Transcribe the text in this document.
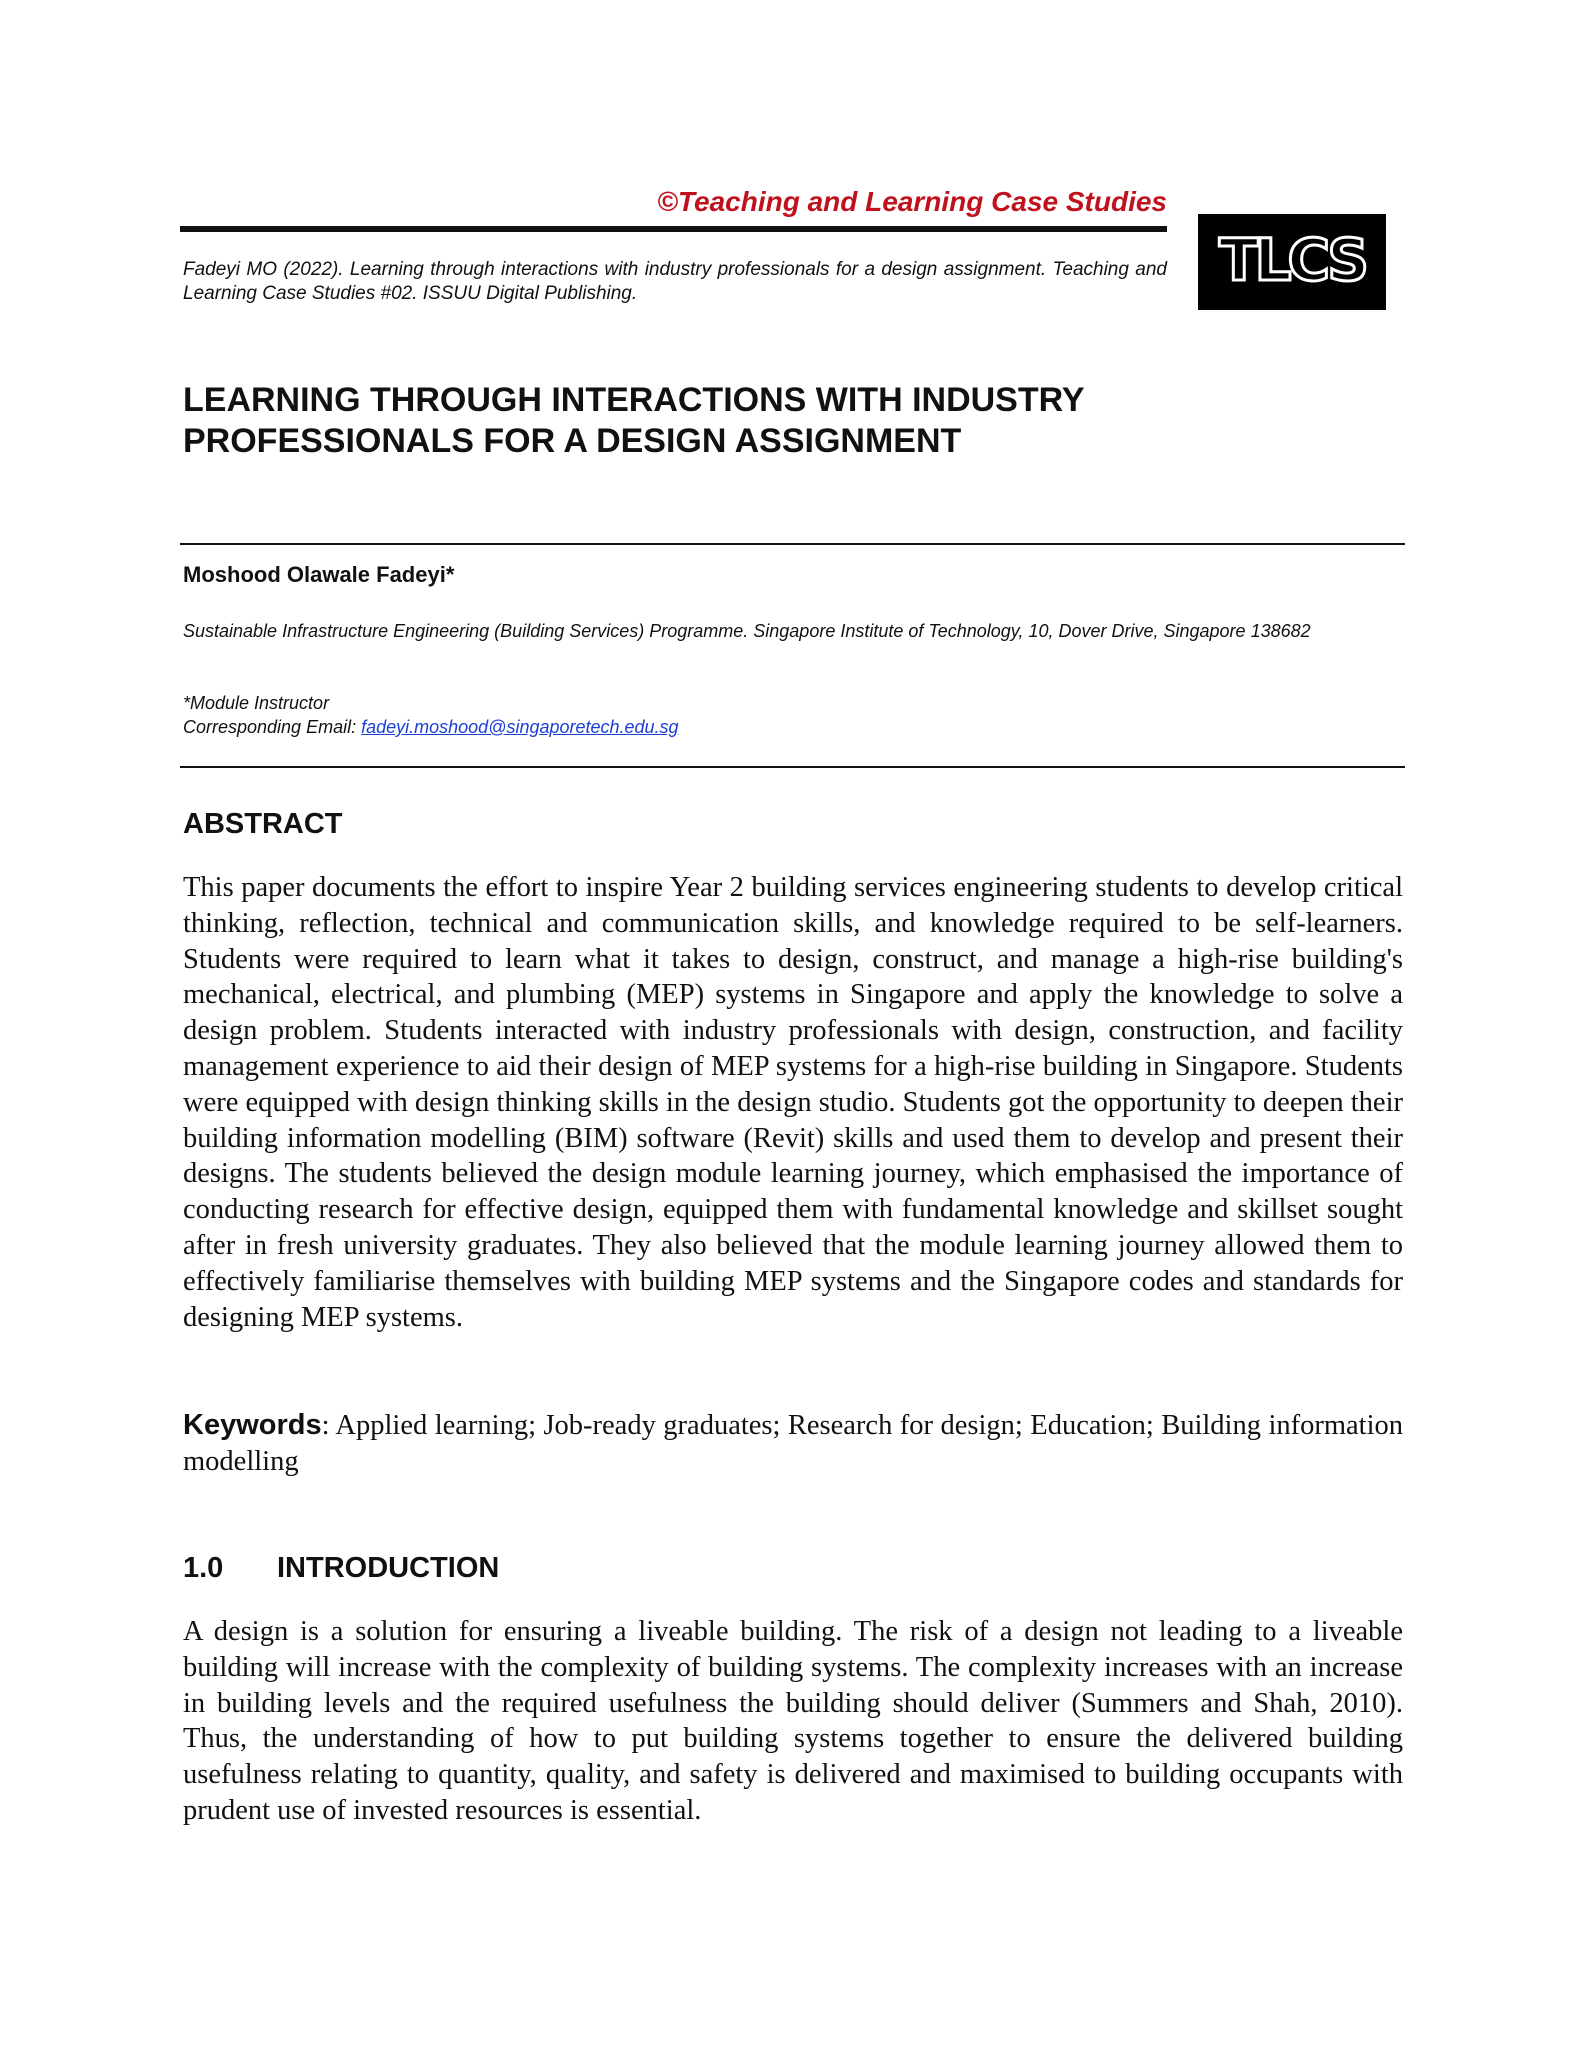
©Teaching and Learning Case Studies

Fadeyi MO (2022). Learning through interactions with industry professionals for a design assignment. Teaching and Learning Case Studies #02. ISSUU Digital Publishing.	TLCS
LEARNING THROUGH INTERACTIONS WITH INDUSTRY
PROFESSIONALS FOR A DESIGN ASSIGNMENT

Moshood Olawale Fadeyi*

Sustainable Infrastructure Engineering (Building Services) Programme. Singapore Institute of Technology, 10, Dover Drive, Singapore 138682
*Module Instructor
Corresponding Email: fadeyi.moshood@singaporetech.edu.sg
ABSTRACT

This paper documents the effort to inspire Year 2 building services engineering students to develop critical thinking, reflection, technical and communication skills, and knowledge required to be self-learners. Students were required to learn what it takes to design, construct, and manage a high-rise building's mechanical, electrical, and plumbing (MEP) systems in Singapore and apply the knowledge to solve a design problem. Students interacted with industry professionals with design, construction, and facility management experience to aid their design of MEP systems for a high-rise building in Singapore. Students were equipped with design thinking skills in the design studio. Students got the opportunity to deepen their building information modelling (BIM) software (Revit) skills and used them to develop and present their designs. The students believed the design module learning journey, which emphasised the importance of conducting research for effective design, equipped them with fundamental knowledge and skillset sought after in fresh university graduates. They also believed that the module learning journey allowed them to effectively familiarise themselves with building MEP systems and the Singapore codes and standards for designing MEP systems.

Keywords: Applied learning; Job-ready graduates; Research for design; Education; Building information modelling

1.0 INTRODUCTION

A design is a solution for ensuring a liveable building. The risk of a design not leading to a liveable building will increase with the complexity of building systems. The complexity increases with an increase in building levels and the required usefulness the building should deliver (Summers and Shah, 2010). Thus, the understanding of how to put building systems together to ensure the delivered building usefulness relating to quantity, quality, and safety is delivered and maximised to building occupants with prudent use of invested resources is essential.
